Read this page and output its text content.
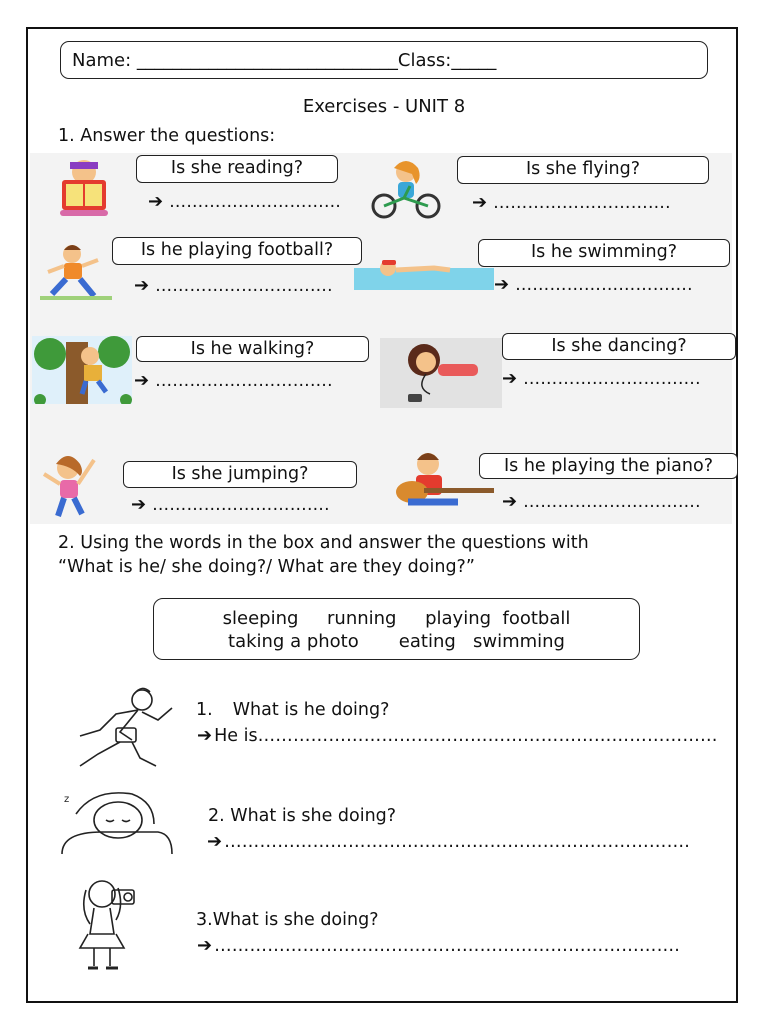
Name: _____________________________Class:_____
Exercises - UNIT 8
1. Answer the questions:
Is she reading?
➔ …………………………
Is she flying?
➔ ………………………….
Is he playing football?
➔ ………………………….
Is he swimming?
➔ ………………………….
Is he walking?
➔ ………………………….
Is she dancing?
➔ ………………………….
Is she jumping?
➔ ………………………….
Is he playing the piano?
➔ ………………………….
2. Using the words in the box and answer the questions with
“What is he/ she doing?/ What are they doing?”
sleeping     running     playing  football
taking a photo       eating   swimming
z
1. What is he doing?
➔ He is……………………………………………………………………
2. What is she doing?
➔ …………………………………………………………………….
3.What is she doing?
➔ …………………………………………………………………….
